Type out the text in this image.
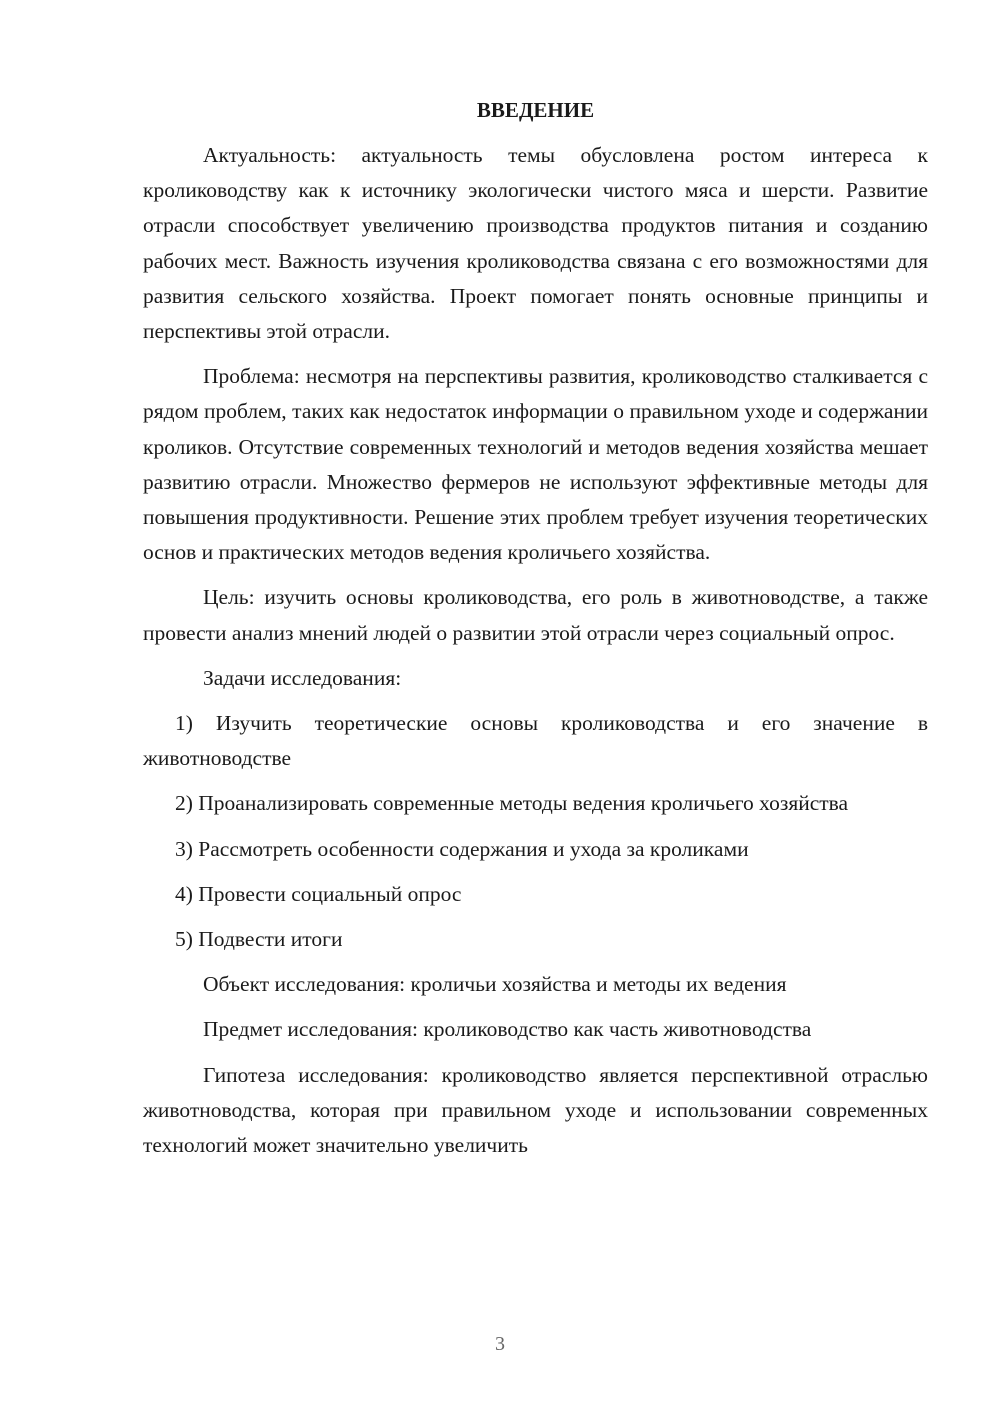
ВВЕДЕНИЕ

Актуальность: актуальность темы обусловлена ростом интереса к кролиководству как к источнику экологически чистого мяса и шерсти. Развитие отрасли способствует увеличению производства продуктов питания и созданию рабочих мест. Важность изучения кролиководства связана с его возможностями для развития сельского хозяйства. Проект помогает понять основные принципы и перспективы этой отрасли.

Проблема: несмотря на перспективы развития, кролиководство сталкивается с рядом проблем, таких как недостаток информации о правильном уходе и содержании кроликов. Отсутствие современных технологий и методов ведения хозяйства мешает развитию отрасли. Множество фермеров не используют эффективные методы для повышения продуктивности. Решение этих проблем требует изучения теоретических основ и практических методов ведения кроличьего хозяйства.

Цель: изучить основы кролиководства, его роль в животноводстве, а также провести анализ мнений людей о развитии этой отрасли через социальный опрос.

Задачи исследования:

1) Изучить теоретические основы кролиководства и его значение в животноводстве

2) Проанализировать современные методы ведения кроличьего хозяйства

3) Рассмотреть особенности содержания и ухода за кроликами

4) Провести социальный опрос

5) Подвести итоги

Объект исследования: кроличьи хозяйства и методы их ведения

Предмет исследования: кролиководство как часть животноводства

Гипотеза исследования: кролиководство является перспективной отраслью животноводства, которая при правильном уходе и использовании современных технологий может значительно увеличить

3
